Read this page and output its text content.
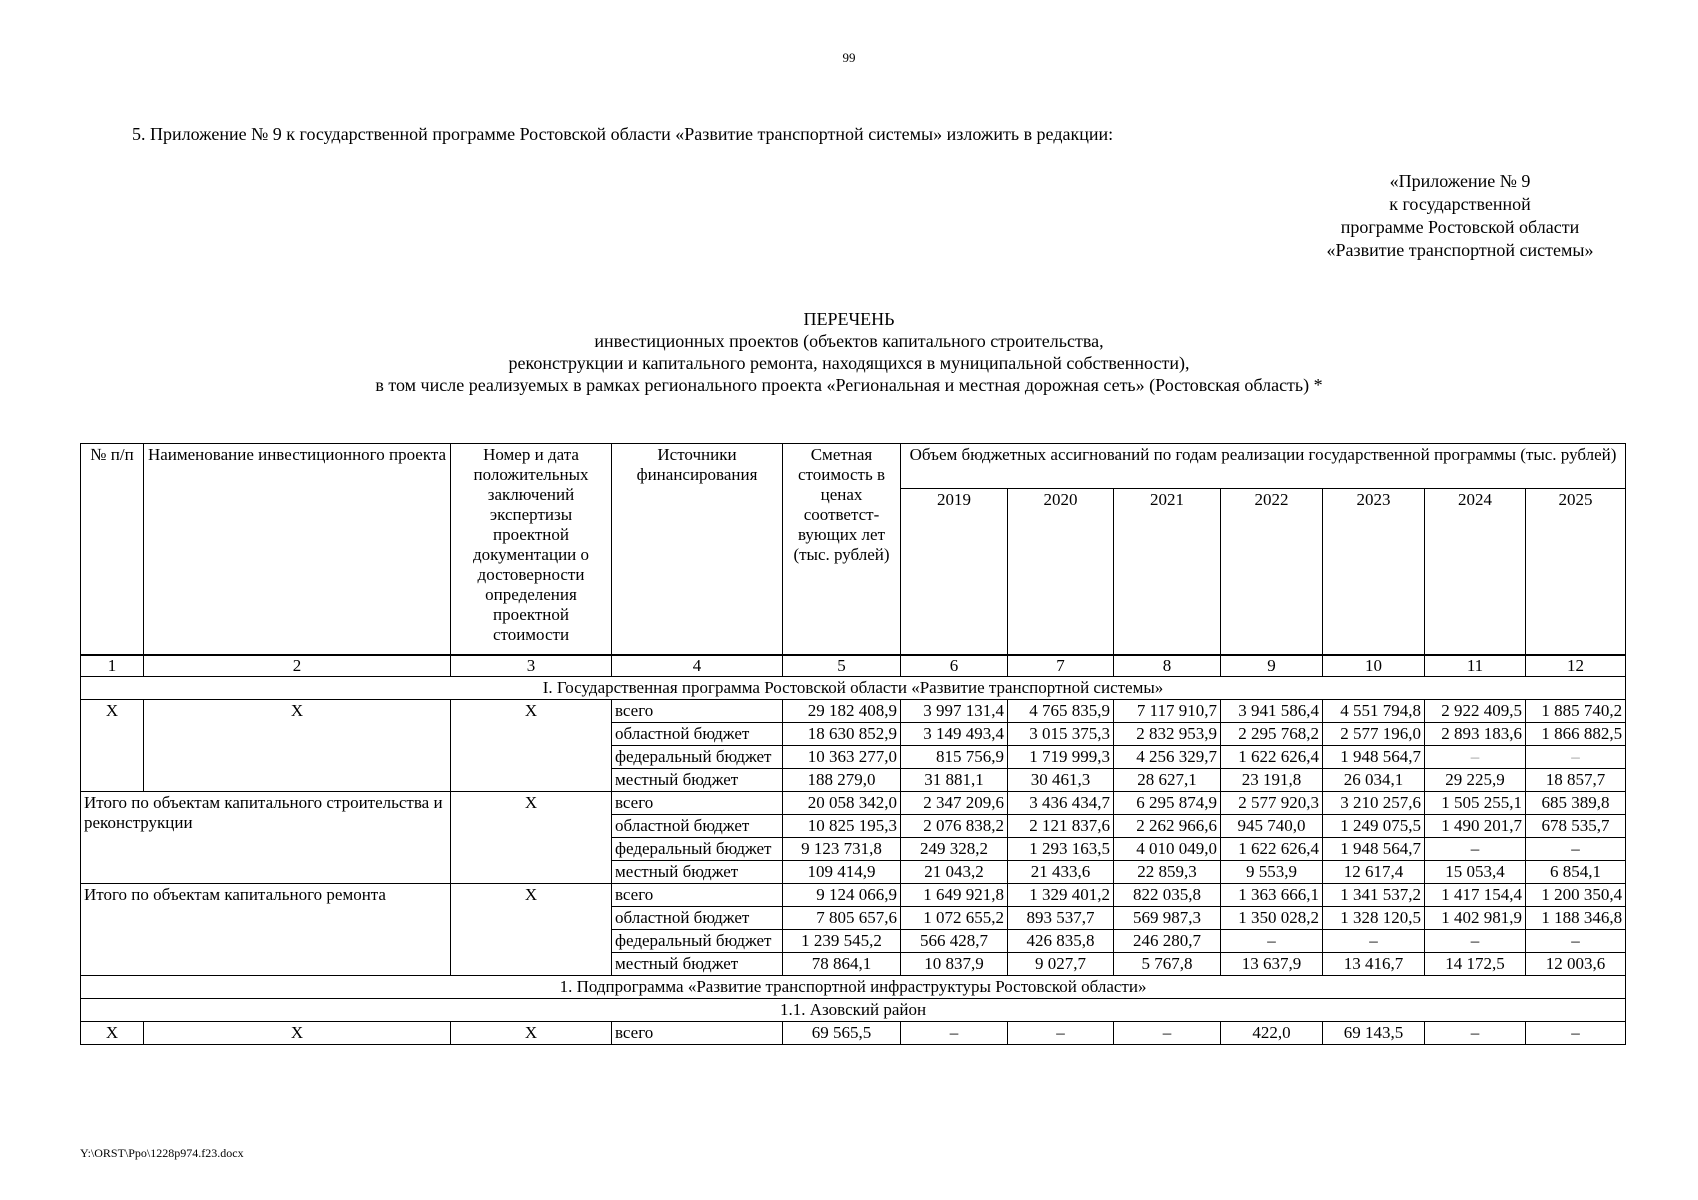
99
5. Приложение № 9 к государственной программе Ростовской области «Развитие транспортной системы» изложить в редакции:
«Приложение № 9
к государственной
программе Ростовской области
«Развитие транспортной системы»
ПЕРЕЧЕНЬ
инвестиционных проектов (объектов капитального строительства,
реконструкции и капитального ремонта, находящихся в муниципальной собственности),
в том числе реализуемых в рамках регионального проекта «Региональная и местная дорожная сеть» (Ростовская область) *
№ п/п	Наименование инвестиционного проекта	Номер и дата положительных заключений экспертизы проектной документации о достоверности определения проектной стоимости	Источники финансирования	Сметная стоимость в ценах соответст-вующих лет (тыс. рублей)	Объем бюджетных ассигнований по годам реализации государственной программы (тыс. рублей)						
					2019	2020	2021	2022	2023	2024	2025
1	2	3	4	5	6	7	8	9	10	11	12
I. Государственная программа Ростовской области «Развитие транспортной системы»											
X	X	X	всего	29 182 408,9	3 997 131,4	4 765 835,9	7 117 910,7	3 941 586,4	4 551 794,8	2 922 409,5	1 885 740,2
			областной бюджет	18 630 852,9	3 149 493,4	3 015 375,3	2 832 953,9	2 295 768,2	2 577 196,0	2 893 183,6	1 866 882,5
			федеральный бюджет	10 363 277,0	815 756,9	1 719 999,3	4 256 329,7	1 622 626,4	1 948 564,7	–	–
			местный бюджет	188 279,0	31 881,1	30 461,3	28 627,1	23 191,8	26 034,1	29 225,9	18 857,7
Итого по объектам капитального строительства и реконструкции		X	всего	20 058 342,0	2 347 209,6	3 436 434,7	6 295 874,9	2 577 920,3	3 210 257,6	1 505 255,1	685 389,8
			областной бюджет	10 825 195,3	2 076 838,2	2 121 837,6	2 262 966,6	945 740,0	1 249 075,5	1 490 201,7	678 535,7
			федеральный бюджет	9 123 731,8	249 328,2	1 293 163,5	4 010 049,0	1 622 626,4	1 948 564,7	–	–
			местный бюджет	109 414,9	21 043,2	21 433,6	22 859,3	9 553,9	12 617,4	15 053,4	6 854,1
Итого по объектам капитального ремонта		X	всего	9 124 066,9	1 649 921,8	1 329 401,2	822 035,8	1 363 666,1	1 341 537,2	1 417 154,4	1 200 350,4
			областной бюджет	7 805 657,6	1 072 655,2	893 537,7	569 987,3	1 350 028,2	1 328 120,5	1 402 981,9	1 188 346,8
			федеральный бюджет	1 239 545,2	566 428,7	426 835,8	246 280,7	–	–	–	–
			местный бюджет	78 864,1	10 837,9	9 027,7	5 767,8	13 637,9	13 416,7	14 172,5	12 003,6
1. Подпрограмма «Развитие транспортной инфраструктуры Ростовской области»											
1.1. Азовский район											
X	X	X	всего	69 565,5	–	–	–	422,0	69 143,5	–	–
Y:\ORST\Ppo\1228p974.f23.docx
